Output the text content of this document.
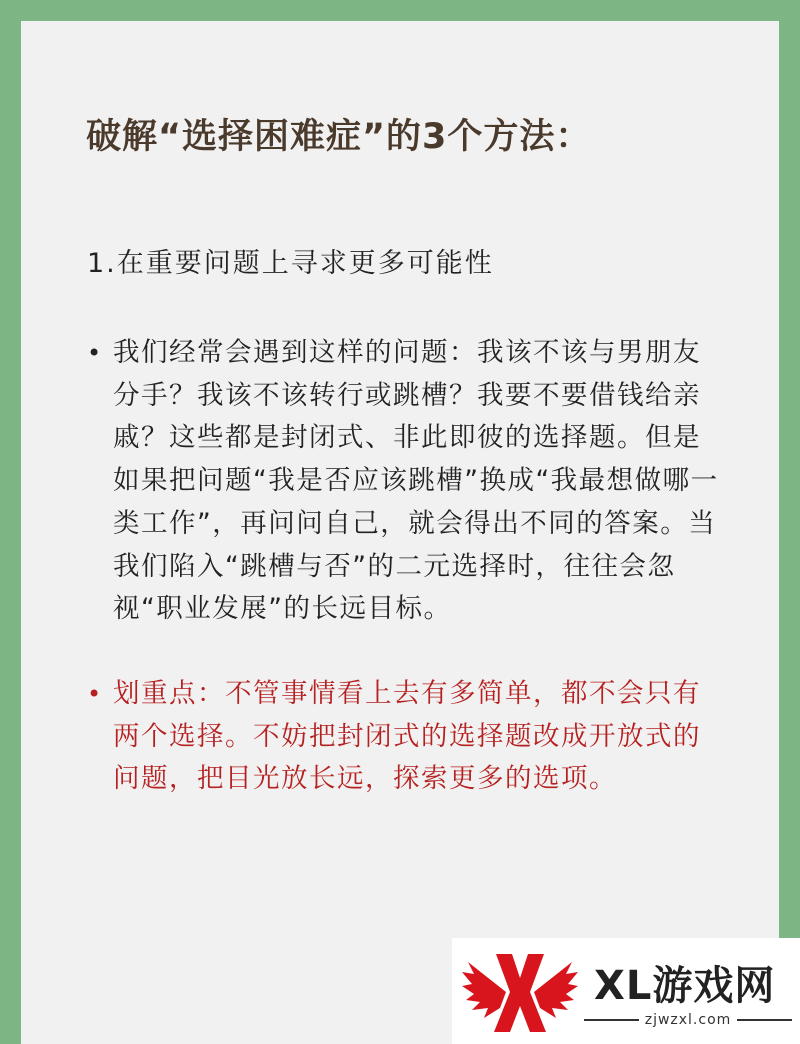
破解“选择困难症”的3个方法：
1.在重要问题上寻求更多可能性

• 我们经常会遇到这样的问题：我该不该与男朋友分手？我该不该转行或跳槽？我要不要借钱给亲戚？这些都是封闭式、非此即彼的选择题。但是如果把问题“我是否应该跳槽”换成“我最想做哪一类工作”，再问问自己，就会得出不同的答案。当我们陷入“跳槽与否”的二元选择时，往往会忽视“职业发展”的长远目标。

• 划重点：不管事情看上去有多简单，都不会只有两个选择。不妨把封闭式的选择题改成开放式的问题，把目光放长远，探索更多的选项。

XL游戏网
zjwzxl.com
